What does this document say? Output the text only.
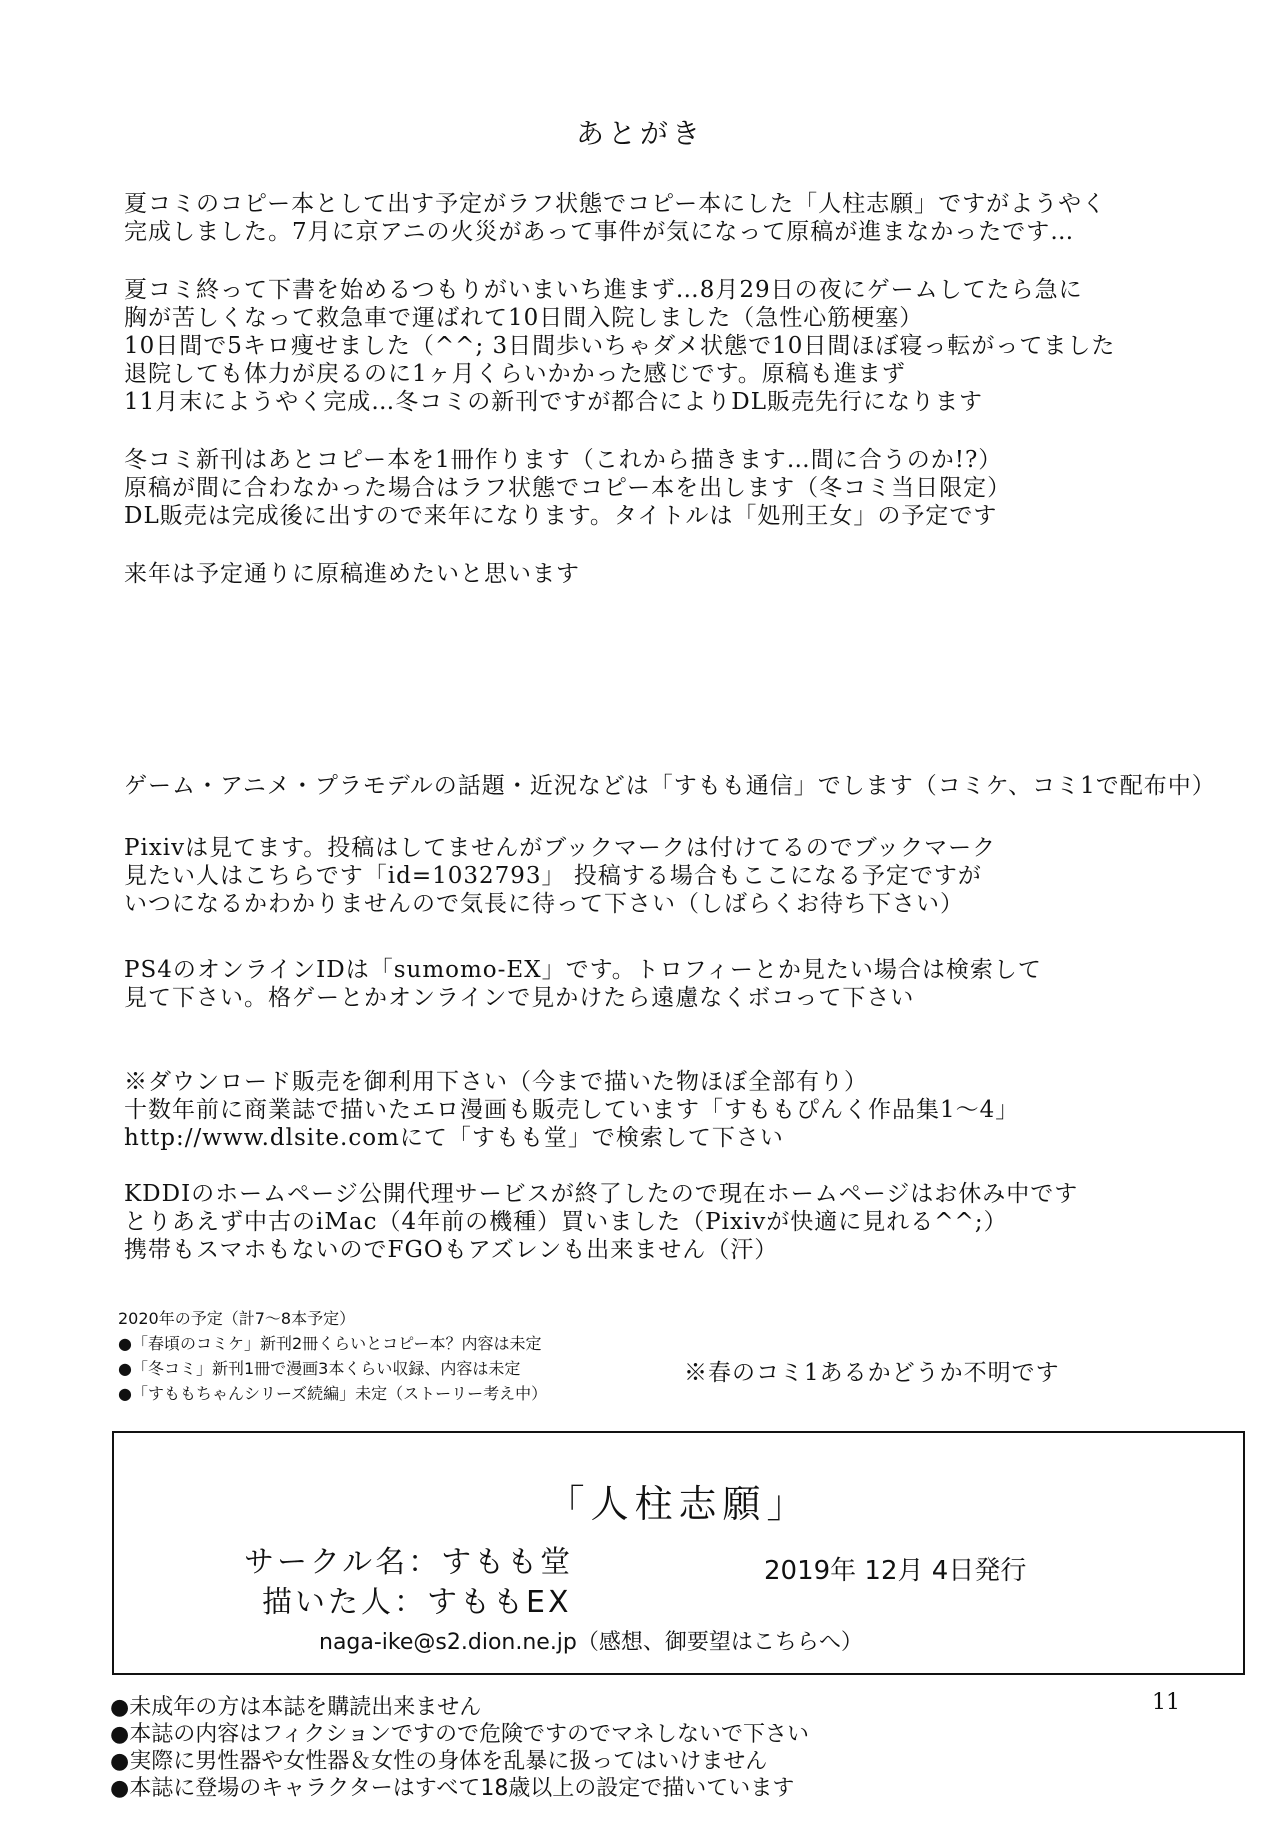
あとがき
夏コミのコピー本として出す予定がラフ状態でコピー本にした「人柱志願」ですがようやく
完成しました。7月に京アニの火災があって事件が気になって原稿が進まなかったです…
夏コミ終って下書を始めるつもりがいまいち進まず…8月29日の夜にゲームしてたら急に
胸が苦しくなって救急車で運ばれて10日間入院しました（急性心筋梗塞）
10日間で5キロ痩せました（^^; 3日間歩いちゃダメ状態で10日間ほぼ寝っ転がってました
退院しても体力が戻るのに1ヶ月くらいかかった感じです。原稿も進まず
11月末にようやく完成…冬コミの新刊ですが都合によりDL販売先行になります
冬コミ新刊はあとコピー本を1冊作ります（これから描きます…間に合うのか!?）
原稿が間に合わなかった場合はラフ状態でコピー本を出します（冬コミ当日限定）
DL販売は完成後に出すので来年になります。タイトルは「処刑王女」の予定です
来年は予定通りに原稿進めたいと思います
ゲーム・アニメ・プラモデルの話題・近況などは「すもも通信」でします（コミケ、コミ1で配布中）
Pixivは見てます。投稿はしてませんがブックマークは付けてるのでブックマーク
見たい人はこちらです「id=1032793」 投稿する場合もここになる予定ですが
いつになるかわかりませんので気長に待って下さい（しばらくお待ち下さい）
PS4のオンラインIDは「sumomo-EX」です。トロフィーとか見たい場合は検索して
見て下さい。格ゲーとかオンラインで見かけたら遠慮なくボコって下さい
※ダウンロード販売を御利用下さい（今まで描いた物ほぼ全部有り）
十数年前に商業誌で描いたエロ漫画も販売しています「すももぴんく作品集1～4」
http://www.dlsite.comにて「すもも堂」で検索して下さい
KDDIのホームページ公開代理サービスが終了したので現在ホームページはお休み中です
とりあえず中古のiMac（4年前の機種）買いました（Pixivが快適に見れる^^;）
携帯もスマホもないのでFGOもアズレンも出来ません（汗）
2020年の予定（計7～8本予定）
●「春頃のコミケ」新刊2冊くらいとコピー本？内容は未定
●「冬コミ」新刊1冊で漫画3本くらい収録、内容は未定
●「すももちゃんシリーズ続編」未定（ストーリー考え中）
※春のコミ1あるかどうか不明です
「人柱志願」
サークル名：すもも堂
描いた人：すももEX
2019年 12月 4日発行
naga-ike@s2.dion.ne.jp（感想、御要望はこちらへ）
11
●未成年の方は本誌を購読出来ません
●本誌の内容はフィクションですので危険ですのでマネしないで下さい
●実際に男性器や女性器＆女性の身体を乱暴に扱ってはいけません
●本誌に登場のキャラクターはすべて18歳以上の設定で描いています
